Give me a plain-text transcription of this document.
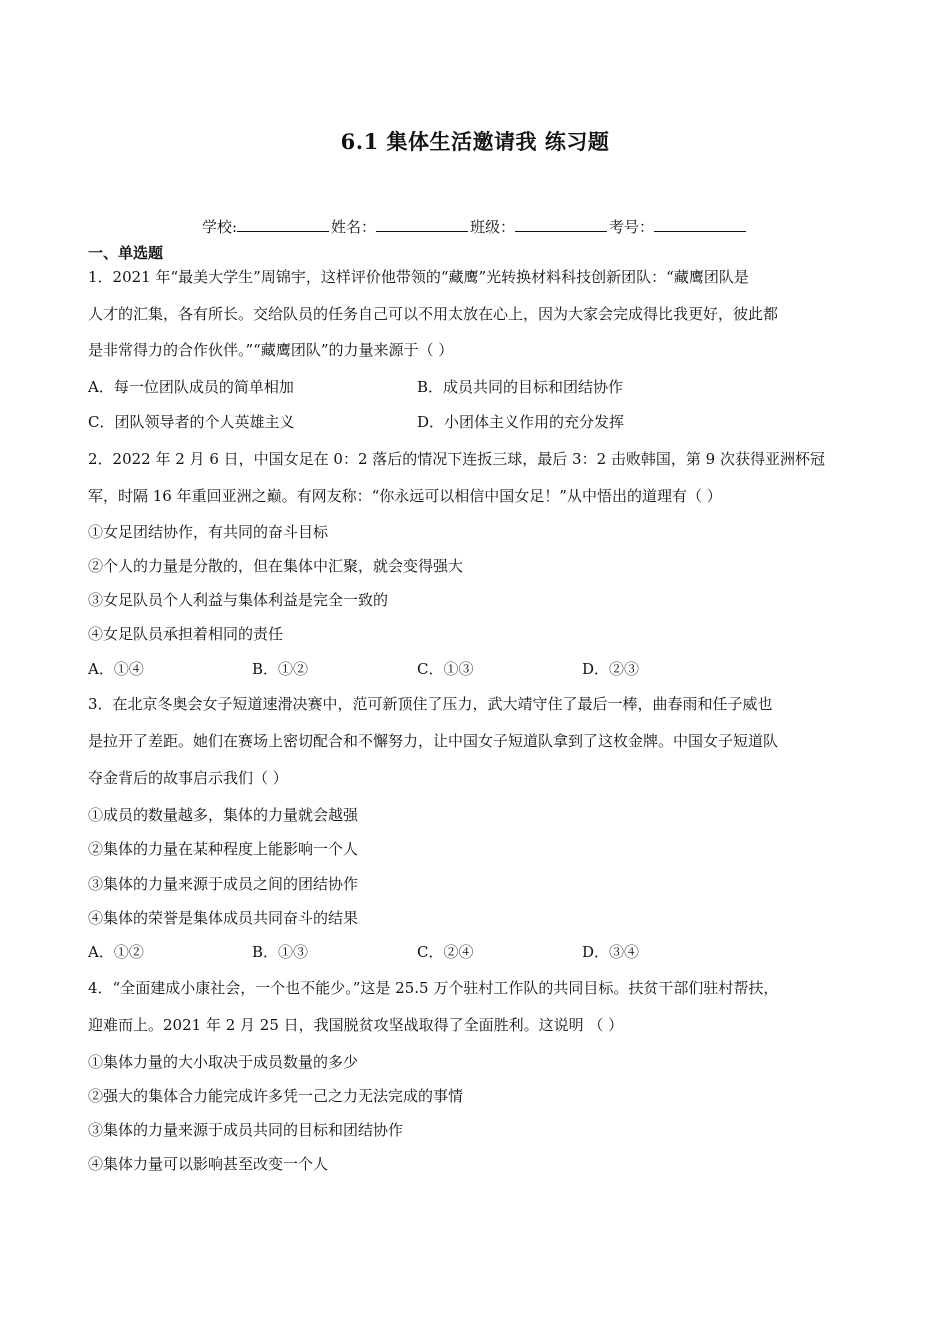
6.1 集体生活邀请我 练习题
学校:	姓名：	班级：	考号：
一、单选题
1．2021 年“最美大学生”周锦宇，这样评价他带领的“藏鹰”光转换材料科技创新团队：“藏鹰团队是
人才的汇集，各有所长。交给队员的任务自己可以不用太放在心上，因为大家会完成得比我更好，彼此都
是非常得力的合作伙伴。”“藏鹰团队”的力量来源于（ ）
A．每一位团队成员的简单相加	B．成员共同的目标和团结协作
C．团队领导者的个人英雄主义	D．小团体主义作用的充分发挥
2．2022 年 2 月 6 日，中国女足在 0：2 落后的情况下连扳三球，最后 3：2 击败韩国，第 9 次获得亚洲杯冠
军，时隔 16 年重回亚洲之巅。有网友称：“你永远可以相信中国女足！”从中悟出的道理有（ ）
①女足团结协作，有共同的奋斗目标
②个人的力量是分散的，但在集体中汇聚，就会变得强大
③女足队员个人利益与集体利益是完全一致的
④女足队员承担着相同的责任
A．①④	B．①②	C．①③	D．②③
3．在北京冬奥会女子短道速滑决赛中，范可新顶住了压力，武大靖守住了最后一棒，曲春雨和任子威也
是拉开了差距。她们在赛场上密切配合和不懈努力，让中国女子短道队拿到了这枚金牌。中国女子短道队
夺金背后的故事启示我们（ ）
①成员的数量越多，集体的力量就会越强
②集体的力量在某种程度上能影响一个人
③集体的力量来源于成员之间的团结协作
④集体的荣誉是集体成员共同奋斗的结果
A．①②	B．①③	C．②④	D．③④
4．“全面建成小康社会，一个也不能少。”这是 25.5 万个驻村工作队的共同目标。扶贫干部们驻村帮扶，
迎难而上。2021 年 2 月 25 日，我国脱贫攻坚战取得了全面胜利。这说明 （ ）
①集体力量的大小取决于成员数量的多少
②强大的集体合力能完成许多凭一己之力无法完成的事情
③集体的力量来源于成员共同的目标和团结协作
④集体力量可以影响甚至改变一个人
